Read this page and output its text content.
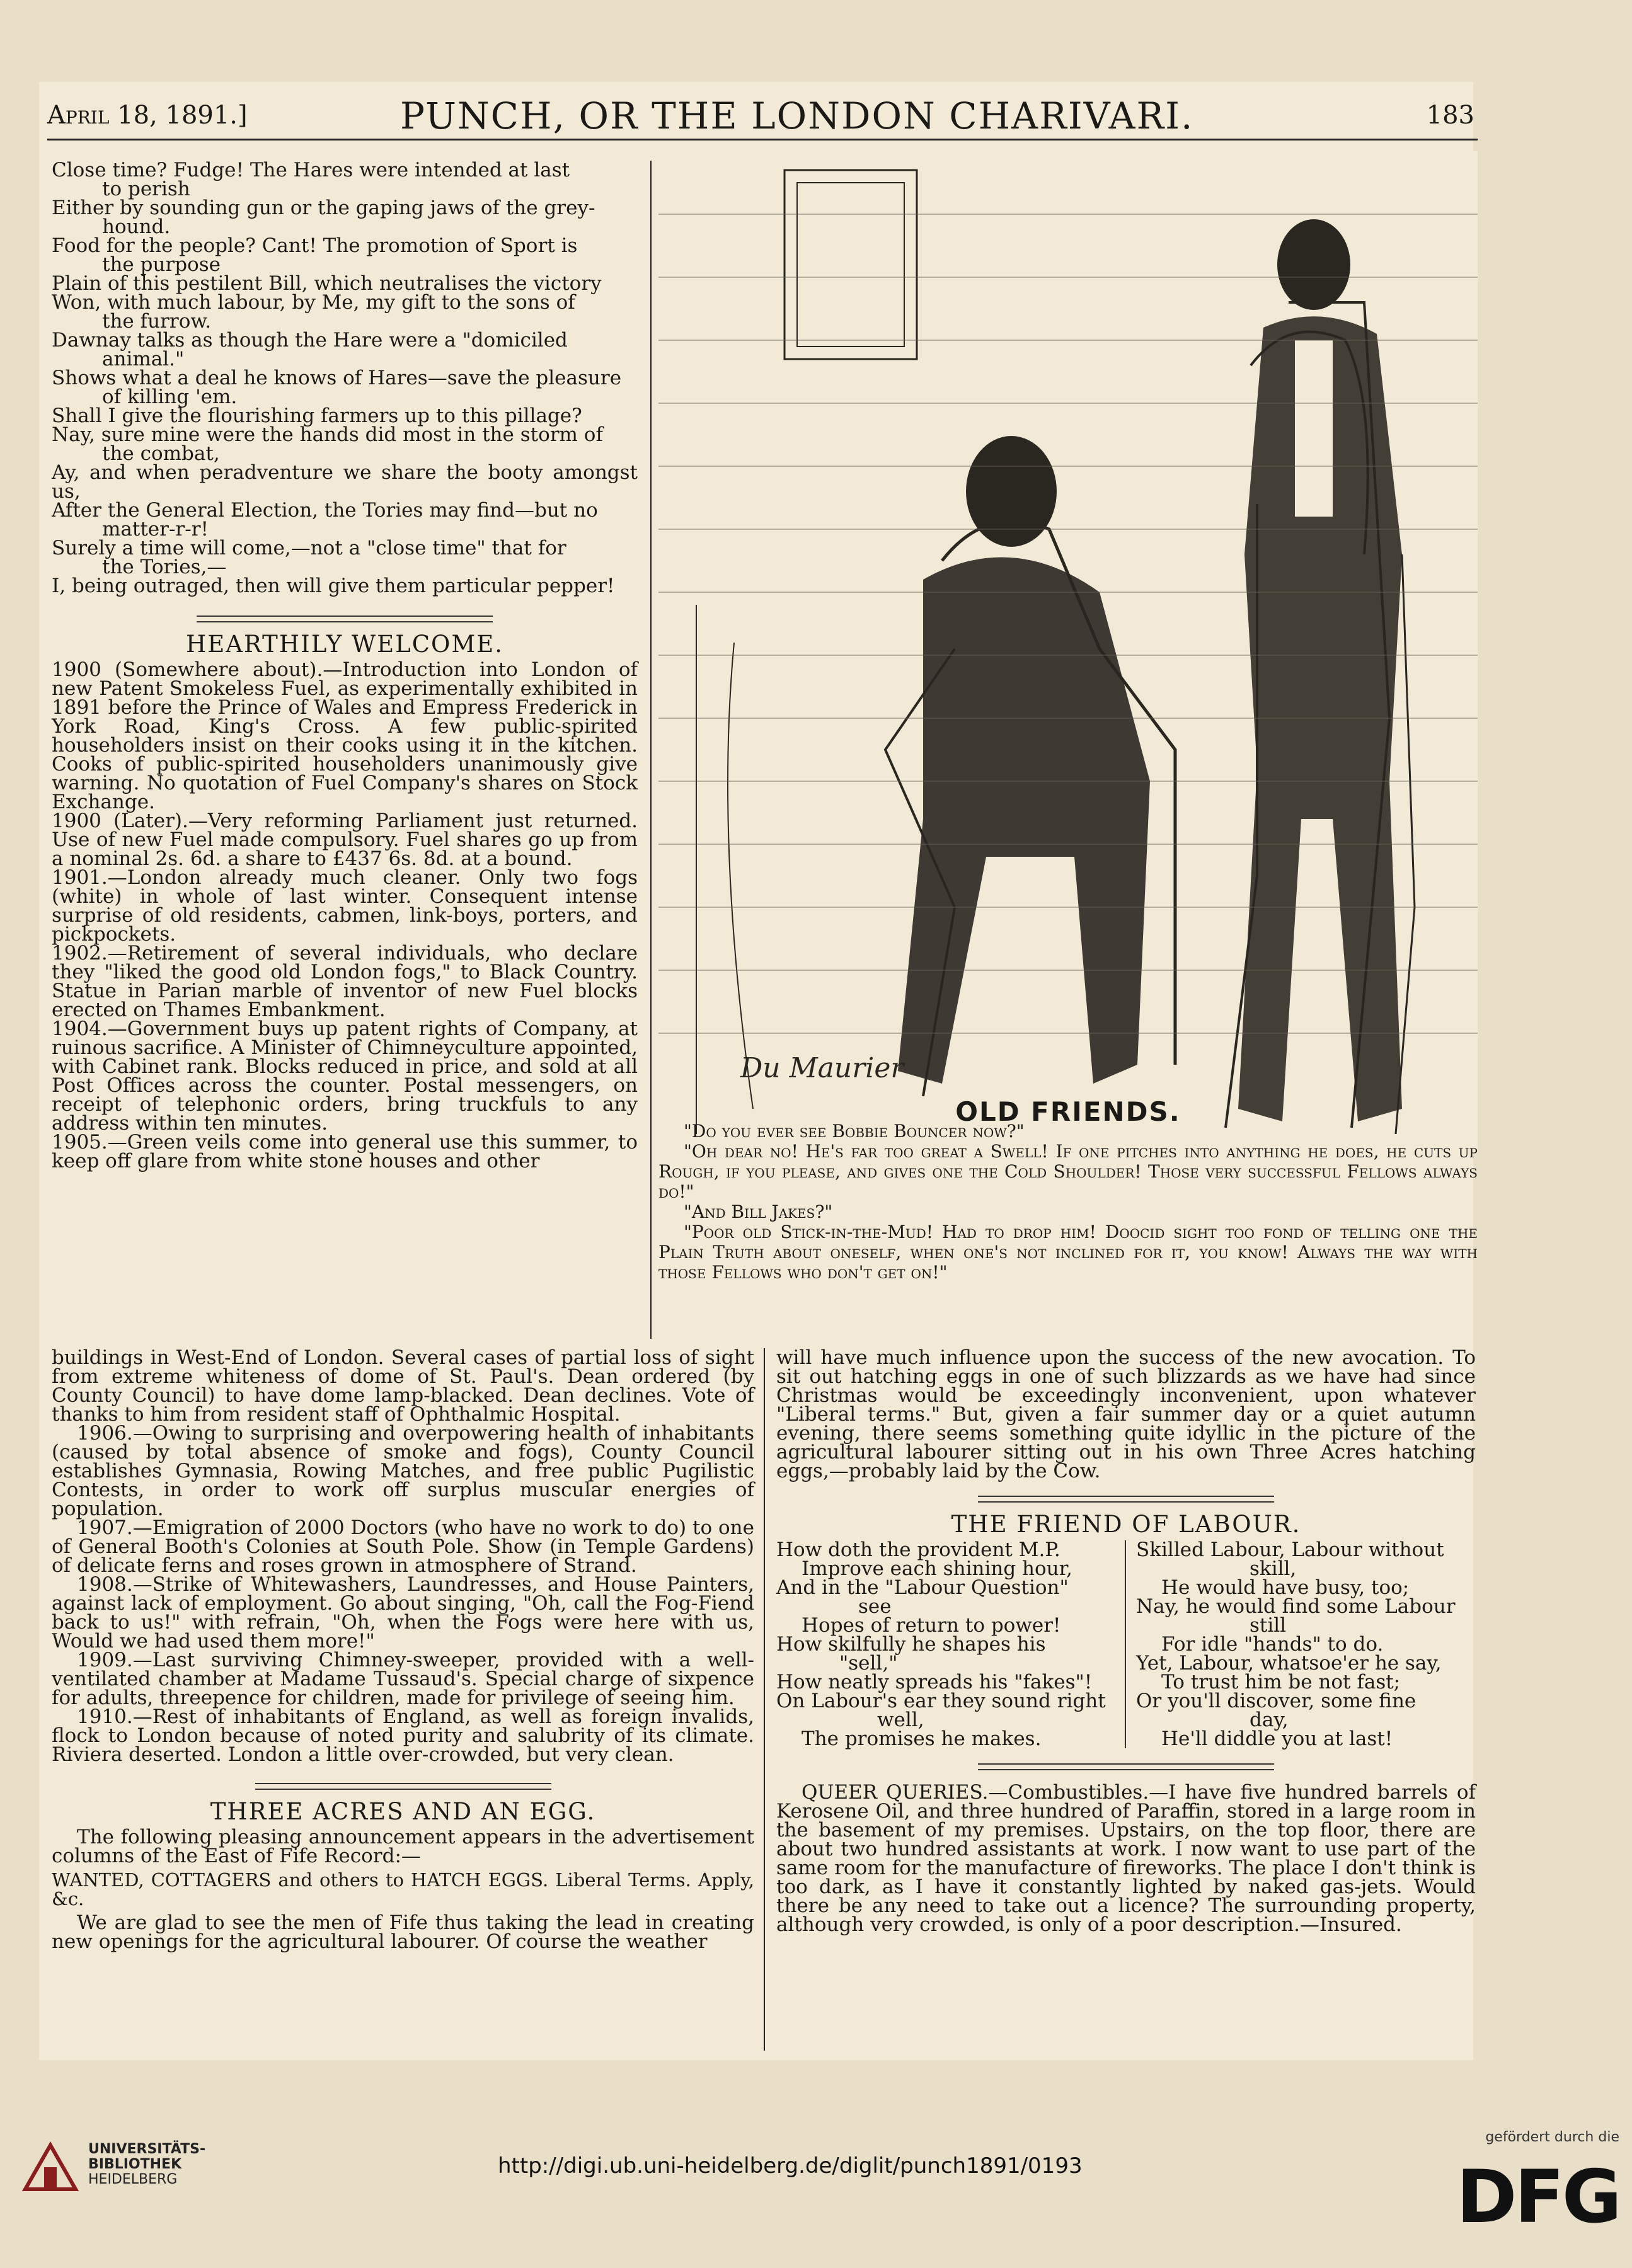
April 18, 1891.]	PUNCH, OR THE LONDON CHARIVARI.	183

Close time? Fudge! The Hares were intended at last

to perish

Either by sounding gun or the gaping jaws of the grey-

hound.

Food for the people? Cant! The promotion of Sport is

the purpose

Plain of this pestilent Bill, which neutralises the victory

Won, with much labour, by Me, my gift to the sons of

the furrow.

Dawnay talks as though the Hare were a "domiciled

animal."

Shows what a deal he knows of Hares—save the pleasure

of killing 'em.

Shall I give the flourishing farmers up to this pillage?

Nay, sure mine were the hands did most in the storm of

the combat,

Ay, and when peradventure we share the booty amongst us,

After the General Election, the Tories may find—but no

matter-r-r!

Surely a time will come,—not a "close time" that for

the Tories,—

I, being outraged, then will give them particular pepper!

HEARTHILY WELCOME.

1900 (Somewhere about).—Introduction into London of new Patent Smokeless Fuel, as experimentally exhibited in 1891 before the Prince of Wales and Empress Frederick in York Road, King's Cross. A few public-spirited householders insist on their cooks using it in the kitchen. Cooks of public-spirited householders unanimously give warning. No quotation of Fuel Company's shares on Stock Exchange.

1900 (Later).—Very reforming Parliament just returned. Use of new Fuel made compulsory. Fuel shares go up from a nominal 2s. 6d. a share to £437 6s. 8d. at a bound.

1901.—London already much cleaner. Only two fogs (white) in whole of last winter. Consequent intense surprise of old residents, cabmen, link-boys, porters, and pickpockets.

1902.—Retirement of several individuals, who declare they "liked the good old London fogs," to Black Country. Statue in Parian marble of inventor of new Fuel blocks erected on Thames Embankment.

1904.—Government buys up patent rights of Company, at ruinous sacrifice. A Minister of Chimneyculture appointed, with Cabinet rank. Blocks reduced in price, and sold at all Post Offices across the counter. Postal messengers, on receipt of telephonic orders, bring truckfuls to any address within ten minutes.

1905.—Green veils come into general use this summer, to keep off glare from white stone houses and other

buildings in West-End of London. Several cases of partial loss of sight from extreme whiteness of dome of St. Paul's. Dean ordered (by County Council) to have dome lamp-blacked. Dean declines. Vote of thanks to him from resident staff of Ophthalmic Hospital.

1906.—Owing to surprising and overpowering health of inhabitants (caused by total absence of smoke and fogs), County Council establishes Gymnasia, Rowing Matches, and free public Pugilistic Contests, in order to work off surplus muscular energies of population.

1907.—Emigration of 2000 Doctors (who have no work to do) to one of General Booth's Colonies at South Pole. Show (in Temple Gardens) of delicate ferns and roses grown in atmosphere of Strand.

1908.—Strike of Whitewashers, Laundresses, and House Painters, against lack of employment. Go about singing, "Oh, call the Fog-Fiend back to us!" with refrain, "Oh, when the Fogs were here with us, Would we had used them more!"

1909.—Last surviving Chimney-sweeper, provided with a well-ventilated chamber at Madame Tussaud's. Special charge of sixpence for adults, threepence for children, made for privilege of seeing him.

1910.—Rest of inhabitants of England, as well as foreign invalids, flock to London because of noted purity and salubrity of its climate. Riviera deserted. London a little over-crowded, but very clean.

THREE ACRES AND AN EGG.

The following pleasing announcement appears in the advertisement columns of the East of Fife Record:—

WANTED, COTTAGERS and others to HATCH EGGS. Liberal Terms. Apply, &c.

We are glad to see the men of Fife thus taking the lead in creating new openings for the agricultural labourer. Of course the weather

Du Maurier
OLD FRIENDS.

"Do you ever see Bobbie Bouncer now?"

"Oh dear no! He's far too great a Swell! If one pitches into anything he does, he cuts up Rough, if you please, and gives one the Cold Shoulder! Those very successful Fellows always do!"

"And Bill Jakes?"

"Poor old Stick-in-the-Mud! Had to drop him! Doocid sight too fond of telling one the Plain Truth about oneself, when one's not inclined for it, you know! Always the way with those Fellows who don't get on!"

will have much influence upon the success of the new avocation. To sit out hatching eggs in one of such blizzards as we have had since Christmas would be exceedingly inconvenient, upon whatever "Liberal terms." But, given a fair summer day or a quiet autumn evening, there seems something quite idyllic in the picture of the agricultural labourer sitting out in his own Three Acres hatching eggs,—probably laid by the Cow.

THE FRIEND OF LABOUR.

How doth the provident M.P.

Improve each shining hour,

And in the "Labour Question"

see

Hopes of return to power!

How skilfully he shapes his

"sell,"

How neatly spreads his "fakes"!

On Labour's ear they sound right

well,

The promises he makes.

Skilled Labour, Labour without

skill,

He would have busy, too;

Nay, he would find some Labour

still

For idle "hands" to do.

Yet, Labour, whatsoe'er he say,

To trust him be not fast;

Or you'll discover, some fine

day,

He'll diddle you at last!

QUEER QUERIES.—Combustibles.—I have five hundred barrels of Kerosene Oil, and three hundred of Paraffin, stored in a large room in the basement of my premises. Upstairs, on the top floor, there are about two hundred assistants at work. I now want to use part of the same room for the manufacture of fireworks. The place I don't think is too dark, as I have it constantly lighted by naked gas-jets. Would there be any need to take out a licence? The surrounding property, although very crowded, is only of a poor description.—Insured.

UNIVERSITÄTS-
BIBLIOTHEK
HEIDELBERG
http://digi.ub.uni-heidelberg.de/diglit/punch1891/0193
gefördert durch die
DFG
